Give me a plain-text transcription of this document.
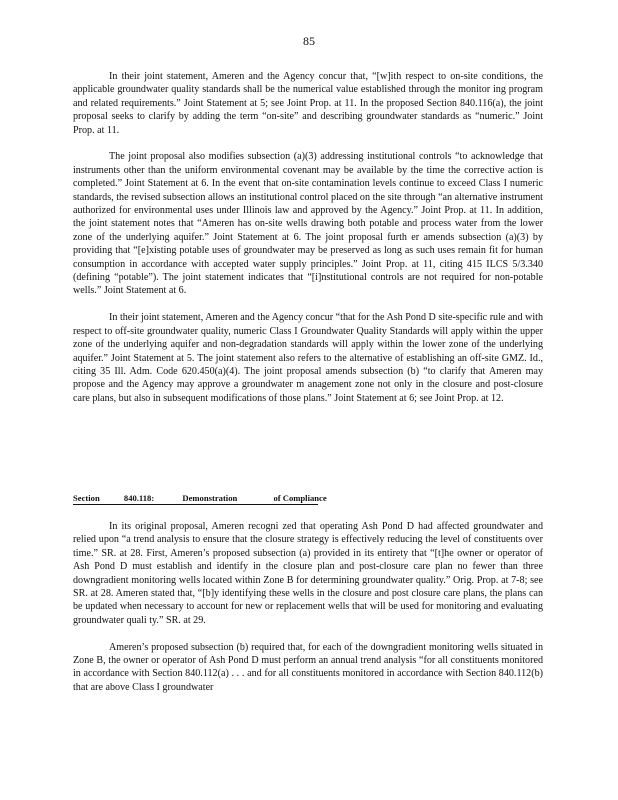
85

In their joint statement, Ameren and the Agency concur that, “[w]ith respect to on-site conditions, the applicable groundwater quality standards shall be the numerical value established through the monitor ing program and related requirements.” Joint Statement at 5; see Joint Prop. at 11. In the proposed Section 840.116(a), the joint proposal seeks to clarify by adding the term “on-site” and describing groundwater standards as “numeric.” Joint Prop. at 11.

The joint proposal also modifies subsection (a)(3) addressing institutional controls “to acknowledge that instruments other than the uniform environmental covenant may be available by the time the corrective action is completed.” Joint Statement at 6. In the event that on-site contamination levels continue to exceed Class I numeric standards, the revised subsection allows an institutional control placed on the site through “an alternative instrument authorized for environmental uses under Illinois law and approved by the Agency.” Joint Prop. at 11. In addition, the joint statement notes that “Ameren has on-site wells drawing both potable and process water from the lower zone of the underlying aquifer.” Joint Statement at 6. The joint proposal furth er amends subsection (a)(3) by providing that “[e]xisting potable uses of groundwater may be preserved as long as such uses remain fit for human consumption in accordance with accepted water supply principles.” Joint Prop. at 11, citing 415 ILCS 5/3.340 (defining “potable”). The joint statement indicates that “[i]nstitutional controls are not required for non-potable wells.” Joint Statement at 6.

In their joint statement, Ameren and the Agency concur “that for the Ash Pond D site-specific rule and with respect to off-site groundwater quality, numeric Class I Groundwater Quality Standards will apply within the upper zone of the underlying aquifer and non-degradation standards will apply within the lower zone of the underlying aquifer.” Joint Statement at 5. The joint statement also refers to the alternative of establishing an off-site GMZ. Id., citing 35 Ill. Adm. Code 620.450(a)(4). The joint proposal amends subsection (b) “to clarify that Ameren may propose and the Agency may approve a groundwater m anagement zone not only in the closure and post-closure care plans, but also in subsequent modifications of those plans.” Joint Statement at 6; see Joint Prop. at 12.

Section	840.118:	Demonstration	of Compliance

In its original proposal, Ameren recogni zed that operating Ash Pond D had affected groundwater and relied upon “a trend analysis to ensure that the closure strategy is effectively reducing the level of constituents over time.” SR. at 28. First, Ameren’s proposed subsection (a) provided in its entirety that “[t]he owner or operator of Ash Pond D must establish and identify in the closure plan and post-closure care plan no fewer than three downgradient monitoring wells located within Zone B for determining groundwater quality.” Orig. Prop. at 7-8; see SR. at 28. Ameren stated that, “[b]y identifying these wells in the closure and post closure care plans, the plans can be updated when necessary to account for new or replacement wells that will be used for monitoring and evaluating groundwater quali ty.” SR. at 29.

Ameren’s proposed subsection (b) required that, for each of the downgradient monitoring wells situated in Zone B, the owner or operator of Ash Pond D must perform an annual trend analysis “for all constituents monitored in accordance with Section 840.112(a) . . . and for all constituents monitored in accordance with Section 840.112(b) that are above Class I groundwater
